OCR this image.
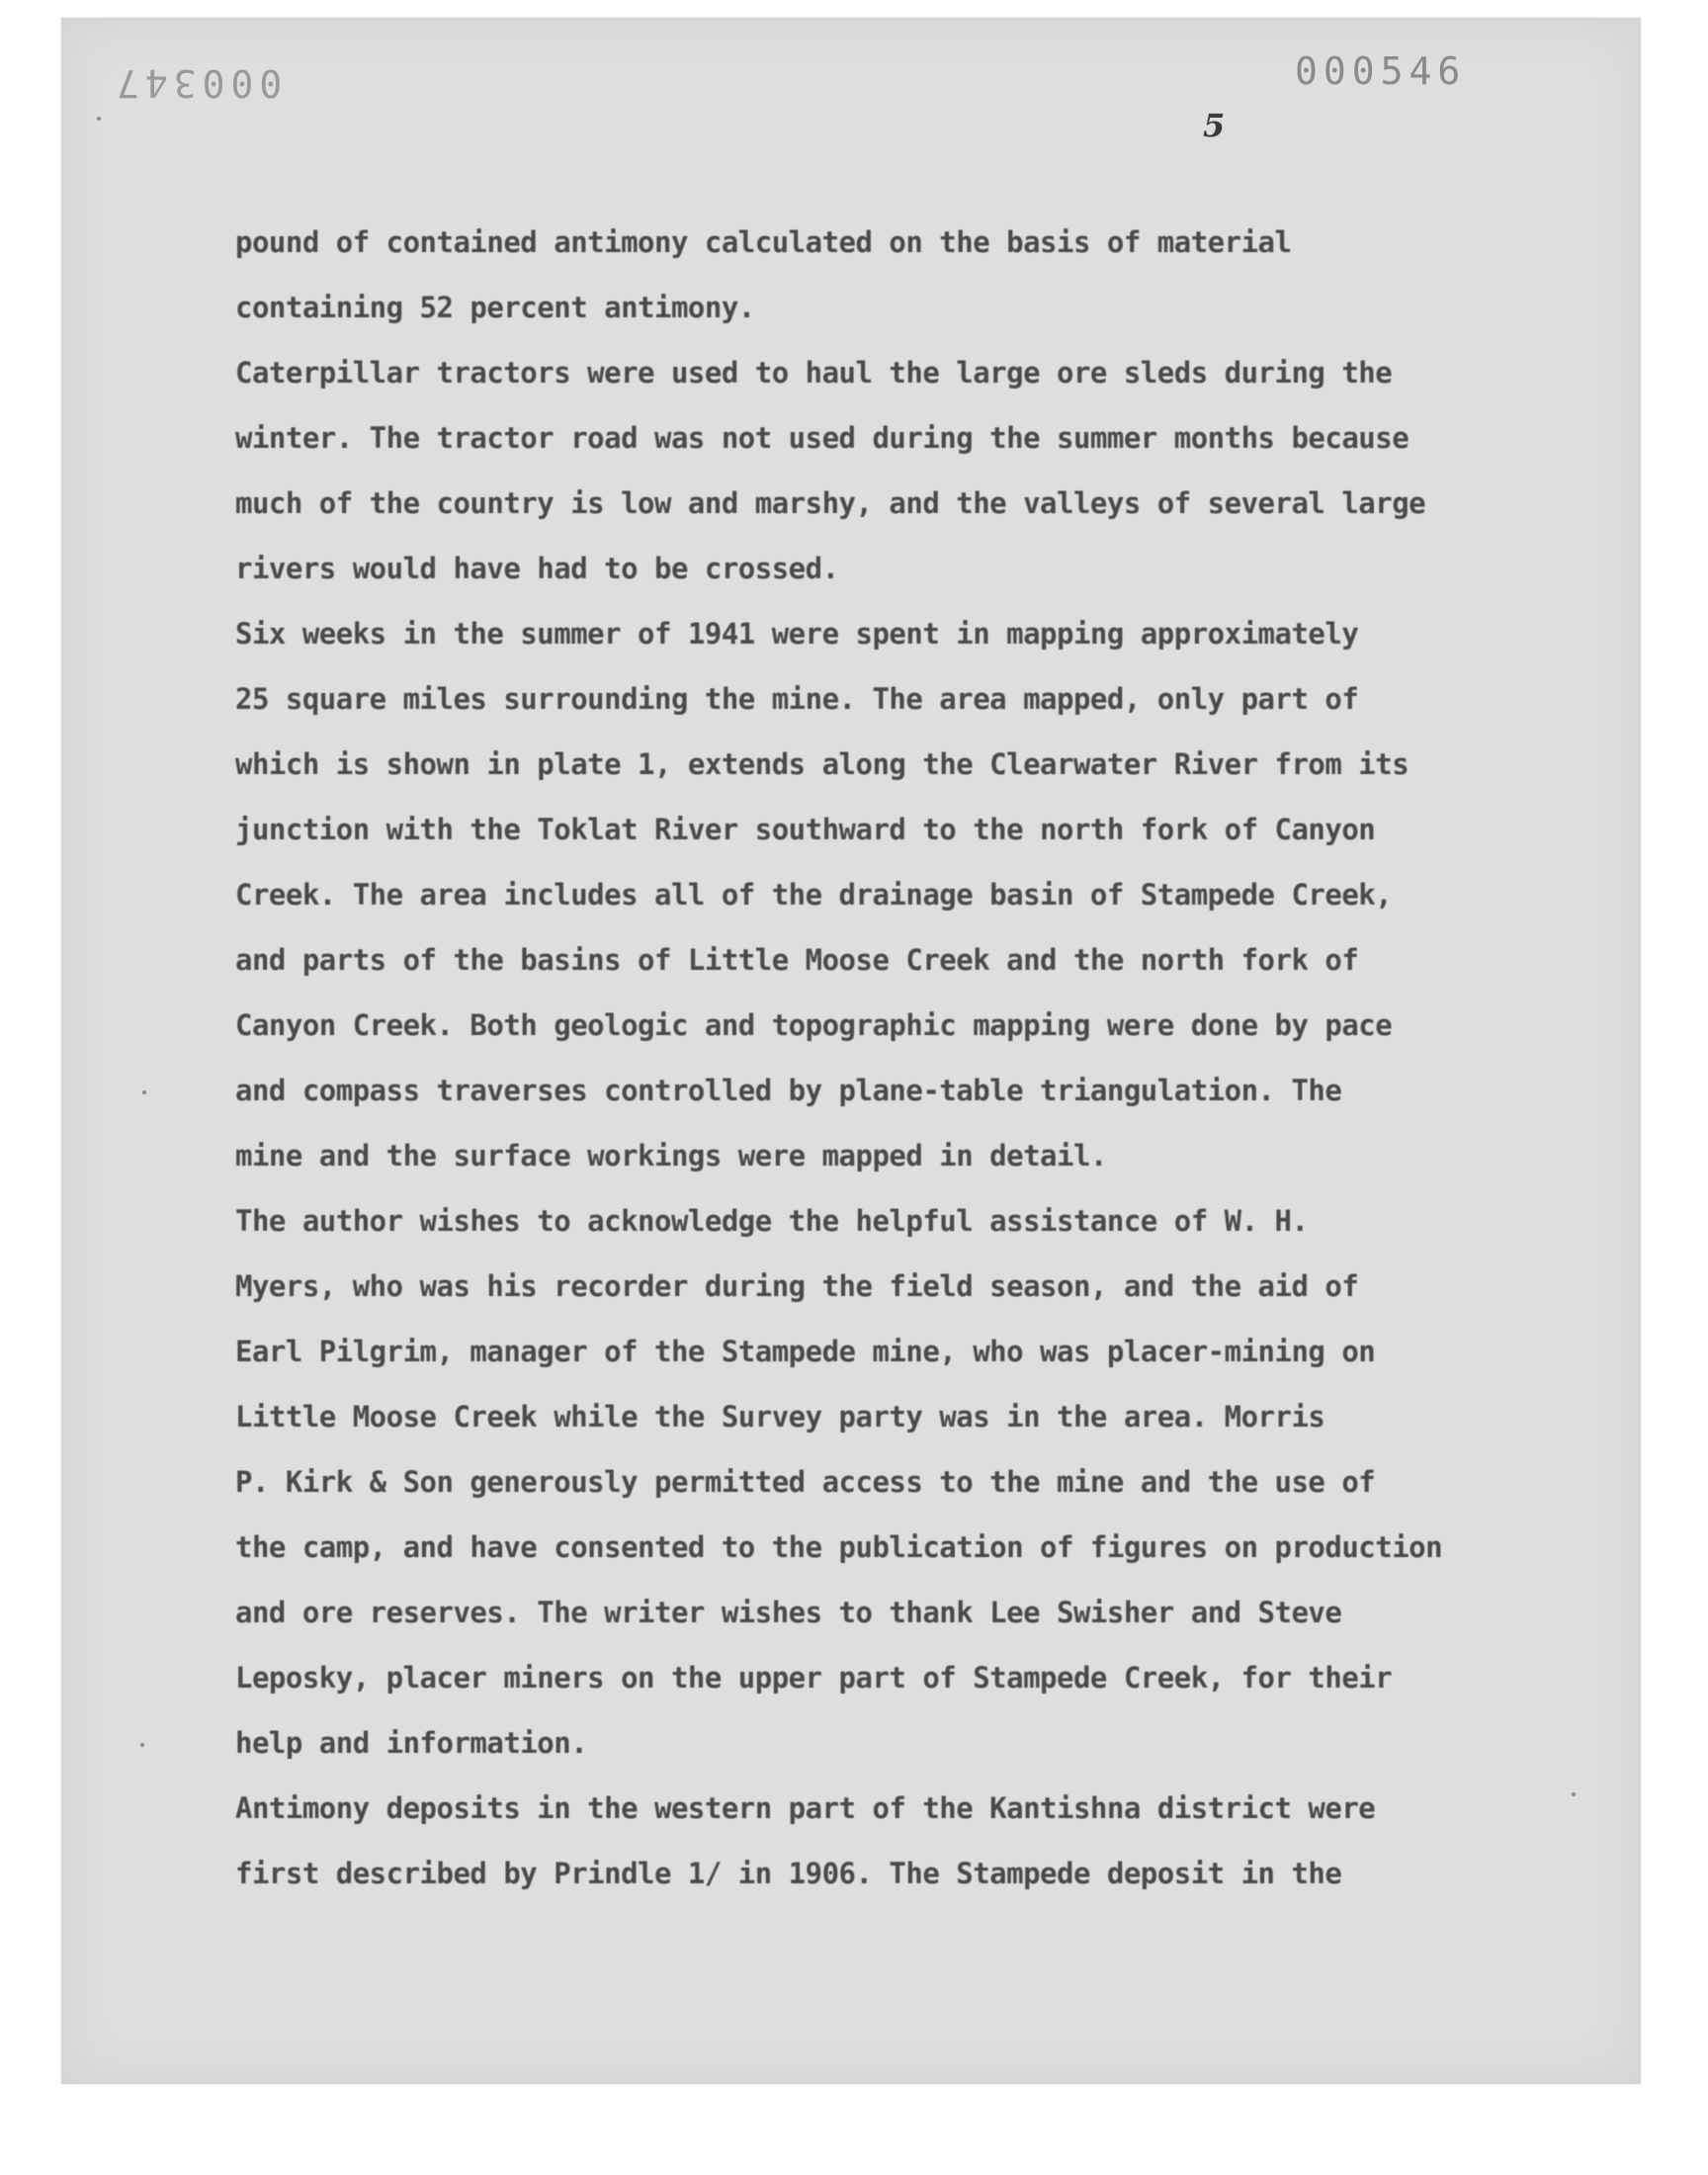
000347	000546
5
pound of contained antimony calculated on the basis of material
containing 52 percent antimony.
Caterpillar tractors were used to haul the large ore sleds during the
winter. The tractor road was not used during the summer months because
much of the country is low and marshy, and the valleys of several large
rivers would have had to be crossed.
Six weeks in the summer of 1941 were spent in mapping approximately
25 square miles surrounding the mine. The area mapped, only part of
which is shown in plate 1, extends along the Clearwater River from its
junction with the Toklat River southward to the north fork of Canyon
Creek. The area includes all of the drainage basin of Stampede Creek,
and parts of the basins of Little Moose Creek and the north fork of
Canyon Creek. Both geologic and topographic mapping were done by pace
and compass traverses controlled by plane-table triangulation. The
mine and the surface workings were mapped in detail.
The author wishes to acknowledge the helpful assistance of W. H.
Myers, who was his recorder during the field season, and the aid of
Earl Pilgrim, manager of the Stampede mine, who was placer-mining on
Little Moose Creek while the Survey party was in the area. Morris
P. Kirk & Son generously permitted access to the mine and the use of
the camp, and have consented to the publication of figures on production
and ore reserves. The writer wishes to thank Lee Swisher and Steve
Leposky, placer miners on the upper part of Stampede Creek, for their
help and information.
Antimony deposits in the western part of the Kantishna district were
first described by Prindle 1/ in 1906. The Stampede deposit in the
